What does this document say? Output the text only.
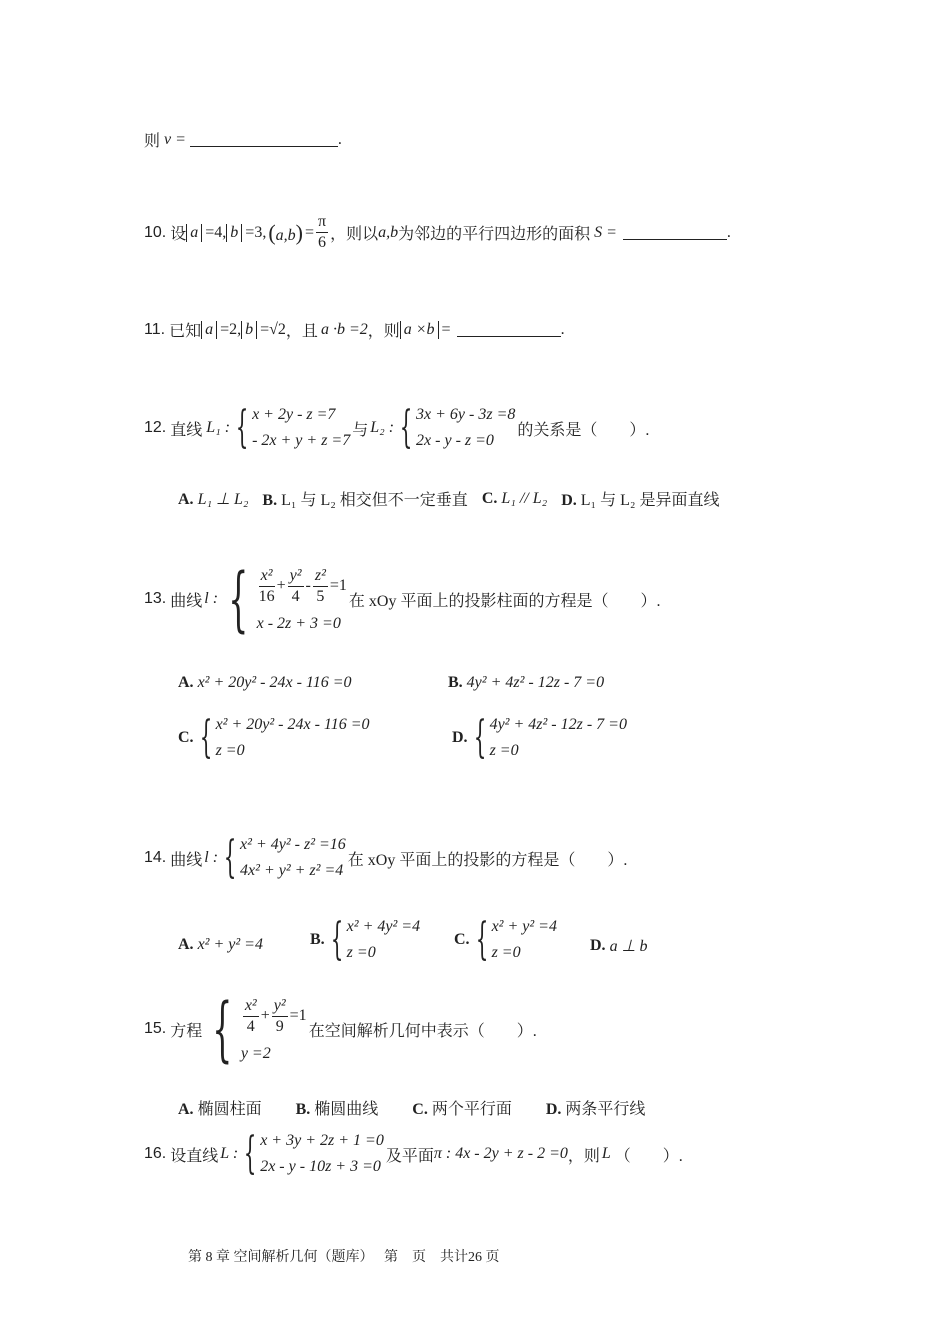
则 v =	.
10. 设 a =4, b =3, $(a,b) = \frac{\pi}{6}$ ，则以 a,b 为邻边的平行四边形的面积 S =	.
11. 已知 a =2, b =√2 ，且 a ·b =2 ，则 a ×b =	.
12. 直线 L₁ : { x + 2y - z =7
- 2x + y + z =7
与 L₂ : { 3x + 6y - 3z =8
2x - y - z =0
的关系是（　　）.
A. L₁ ⊥ L₂ B. L₁ 与 L₂ 相交但不一定垂直 C. L₁ // L₂ D. L₁ 与 L₂ 是异面直线
13. 曲线 l : { $\frac{\text{x²}}{16} + \frac{\text{y²}}{4} - \frac{\text{z²}}{5} =1$
x - 2z + 3 =0
在 xOy 平面上的投影柱面的方程是（　　）.
A.
x² + 20y² - 24x - 116 =0	B.
4y² + 4z² - 12z - 7 =0
C. { x² + 20y² - 24x - 116 =0
z =0
D. { 4y² + 4z² - 12z - 7 =0
z =0
14. 曲线 l : { x² + 4y² - z² =16
4x² + y² + z² =4
在 xOy 平面上的投影的方程是（　　）.
A.
x² + y² =4	B. { x² + 4y² =4
z =0
C. { x² + y² =4
z =0	D.
a ⊥ b
15. 方程 { $\frac{\text{x²}}{4} + \frac{\text{y²}}{9} =1$
y =2
在空间解析几何中表示（　　）.
A. 椭圆柱面 B. 椭圆曲线 C. 两个平行面 D. 两条平行线
16. 设直线 L : { x + 3y + 2z + 1 =0
2x - y - 10z + 3 =0
及平面 π : 4x - 2y + z - 2 =0 ，则 L （　　）.
第 8 章 空间解析几何（题库）　 第　页　共计26 页
